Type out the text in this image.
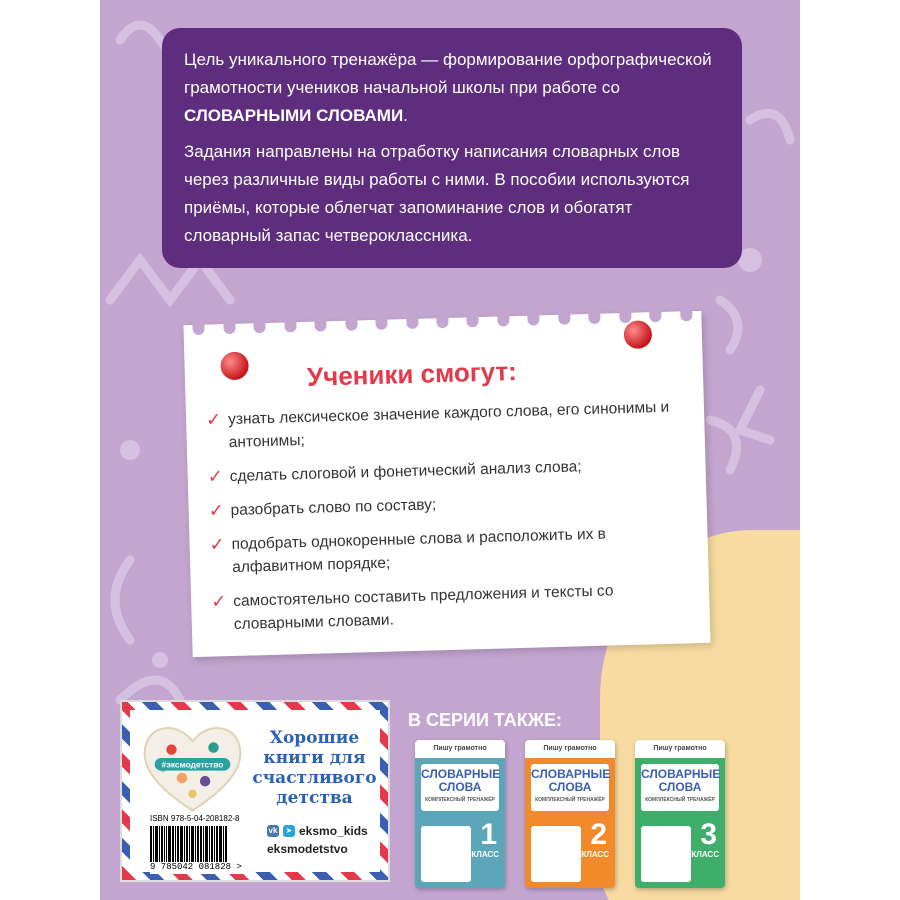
Цель уникального тренажёра — формирование орфографической грамотности учеников начальной школы при работе со СЛОВАРНЫМИ СЛОВАМИ.

Задания направлены на отработку написания словарных слов через различные виды работы с ними. В пособии используются приёмы, которые облегчат запоминание слов и обогатят словарный запас четвероклассника.

Ученики смогут:
✓ узнать лексическое значение каждого слова, его синонимы и антонимы;
✓ сделать слоговой и фонетический анализ слова;
✓ разобрать слово по составу;
✓ подобрать однокоренные слова и расположить их в алфавитном порядке;
✓ самостоятельно составить предложения и тексты со словарными словами.
#эксмодетство
Хорошие книги для счастливого детства
ISBN 978-5-04-208182-8
9 785042 081828 >
vk	➤ eksmo_kids
eksmodetstvo
В СЕРИИ ТАКЖЕ:
Пишу грамотно
СЛОВАРНЫЕ СЛОВА
КОМПЛЕКСНЫЙ ТРЕНАЖЁР
1
КЛАСС
Пишу грамотно
СЛОВАРНЫЕ СЛОВА
КОМПЛЕКСНЫЙ ТРЕНАЖЁР
2
КЛАСС
Пишу грамотно
СЛОВАРНЫЕ СЛОВА
КОМПЛЕКСНЫЙ ТРЕНАЖЁР
3
КЛАСС
